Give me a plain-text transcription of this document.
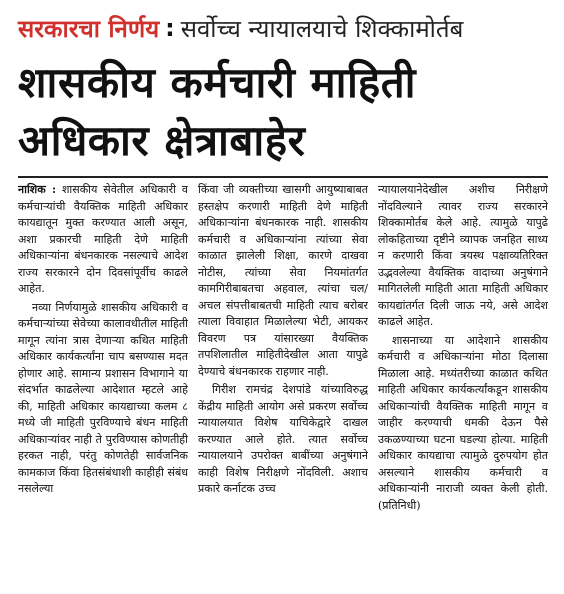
सरकारचा निर्णय : सर्वोच्च न्यायालयाचे शिक्कामोर्तब
शासकीय कर्मचारी माहिती
अधिकार क्षेत्राबाहेर

नाशिक : शासकीय सेवेतील अधिकारी व कर्मचाऱ्यांची वैयक्तिक माहिती अधिकार कायद्यातून मुक्त करण्यात आली असून, अशा प्रकारची माहिती देणे माहिती अधिकाऱ्यांना बंधनकारक नसल्याचे आदेश राज्य सरकारने दोन दिवसांपूर्वीच काढले आहेत.

नव्या निर्णयामुळे शासकीय अधिकारी व कर्मचाऱ्यांच्या सेवेच्या कालावधीतील माहिती मागून त्यांना त्रास देणाऱ्या कथित माहिती अधिकार कार्यकर्त्यांना चाप बसण्यास मदत होणार आहे. सामान्य प्रशासन विभागाने या संदर्भात काढलेल्या आदेशात म्हटले आहे की, माहिती अधिकार कायद्याच्या कलम ८ मध्ये जी माहिती पुरविण्याचे बंधन माहिती अधिकाऱ्यांवर नाही ते पुरविण्यास कोणतीही हरकत नाही, परंतु कोणतेही सार्वजनिक कामकाज किंवा हितसंबंधाशी काहीही संबंध नसलेल्या

किंवा जी व्यक्तीच्या खासगी आयुष्याबाबत हस्तक्षेप करणारी माहिती देणे माहिती अधिकाऱ्यांना बंधनकारक नाही. शासकीय कर्मचारी व अधिकाऱ्यांना त्यांच्या सेवा काळात झालेली शिक्षा, कारणे दाखवा नोटीस, त्यांच्या सेवा नियमांतर्गत कामगिरीबाबतचा अहवाल, त्यांचा चल/अचल संपत्तीबाबतची माहिती त्याच बरोबर त्याला विवाहात मिळालेल्या भेटी, आयकर विवरण पत्र यांसारख्या वैयक्तिक तपशिलातील माहितीदेखील आता यापुढे देण्याचे बंधनकारक राहणार नाही.

गिरीश रामचंद्र देशपांडे यांच्याविरुद्ध केंद्रीय माहिती आयोग असे प्रकरण सर्वोच्च न्यायालयात विशेष याचिकेद्वारे दाखल करण्यात आले होते. त्यात सर्वोच्च न्यायालयाने उपरोक्त बाबींच्या अनुषंगाने काही विशेष निरीक्षणे नोंदविली. अशाच प्रकारे कर्नाटक उच्च

न्यायालयानेदेखील अशीच निरीक्षणे नोंदविल्याने त्यावर राज्य सरकारने शिक्कामोर्तब केले आहे. त्यामुळे यापुढे लोकहिताच्या दृष्टीने व्यापक जनहित साध्य न करणारी किंवा त्रयस्थ पक्षाव्यतिरिक्त उद्भवलेल्या वैयक्तिक वादाच्या अनुषंगाने मागितलेली माहिती आता माहिती अधिकार कायद्यांतर्गत दिली जाऊ नये, असे आदेश काढले आहेत.

शासनाच्या या आदेशाने शासकीय कर्मचारी व अधिकाऱ्यांना मोठा दिलासा मिळाला आहे. मध्यंतरीच्या काळात कथित माहिती अधिकार कार्यकर्त्यांकडून शासकीय अधिकाऱ्यांची वैयक्तिक माहिती मागून व जाहीर करण्याची धमकी देऊन पैसे उकळण्याच्या घटना घडल्या होत्या. माहिती अधिकार कायद्याचा त्यामुळे दुरुपयोग होत असल्याने शासकीय कर्मचारी व अधिकाऱ्यांनी नाराजी व्यक्त केली होती. (प्रतिनिधी)
